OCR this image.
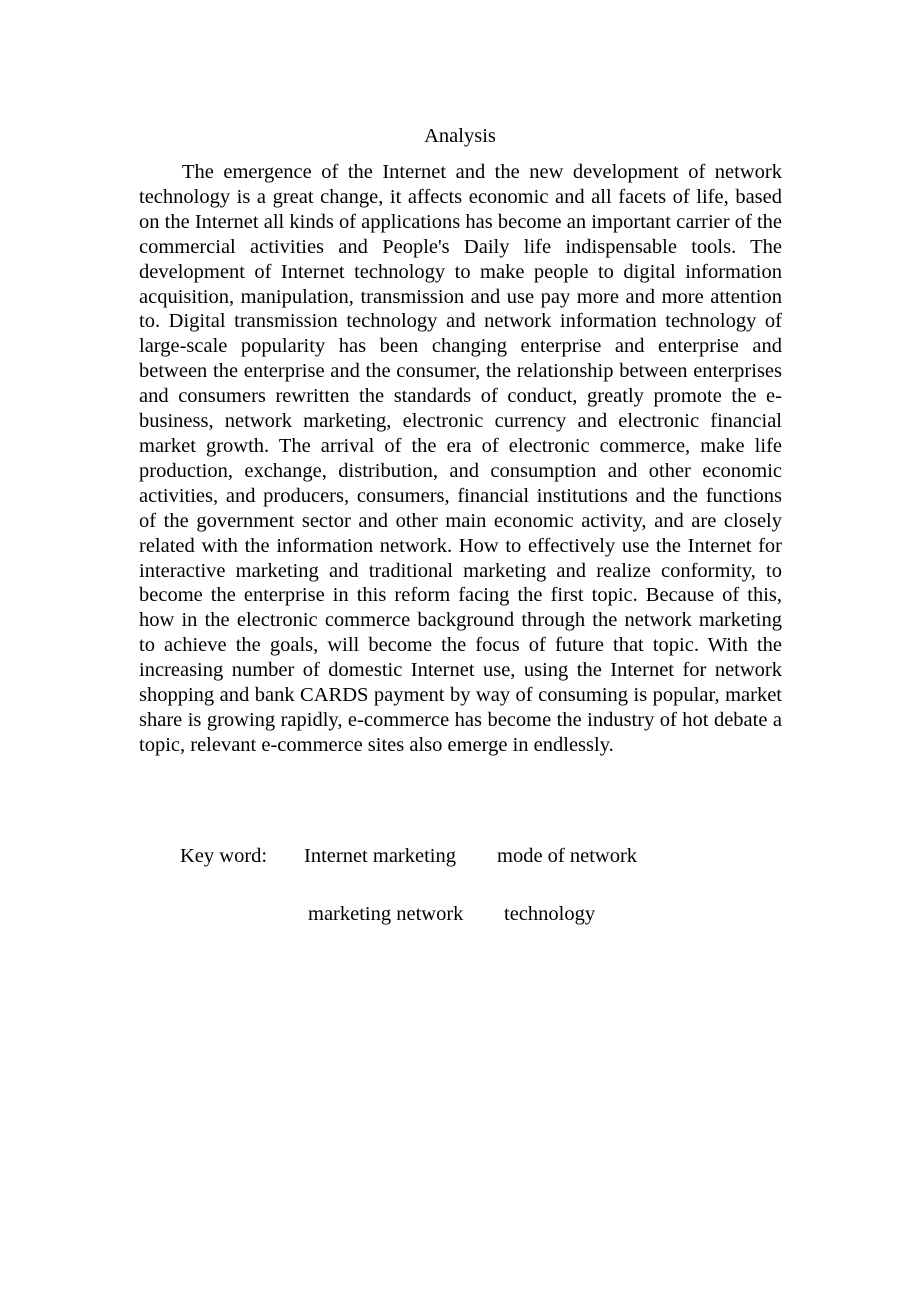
Analysis

The emergence of the Internet and the new development of network technology is a great change, it affects economic and all facets of life, based on the Internet all kinds of applications has become an important carrier of the commercial activities and People's Daily life indispensable tools. The development of Internet technology to make people to digital information acquisition, manipulation, transmission and use pay more and more attention to. Digital transmission technology and network information technology of large-scale popularity has been changing enterprise and enterprise and between the enterprise and the consumer, the relationship between enterprises and consumers rewritten the standards of conduct, greatly promote the e-business, network marketing, electronic currency and electronic financial market growth. The arrival of the era of electronic commerce, make life production, exchange, distribution, and consumption and other economic activities, and producers, consumers, financial institutions and the functions of the government sector and other main economic activity, and are closely related with the information network. How to effectively use the Internet for interactive marketing and traditional marketing and realize conformity, to become the enterprise in this reform facing the first topic. Because of this, how in the electronic commerce background through the network marketing to achieve the goals, will become the focus of future that topic. With the increasing number of domestic Internet use, using the Internet for network shopping and bank CARDS payment by way of consuming is popular, market share is growing rapidly, e-commerce has become the industry of hot debate a topic, relevant e-commerce sites also emerge in endlessly.

Key word: Internet marketing mode of network
marketing network technology
